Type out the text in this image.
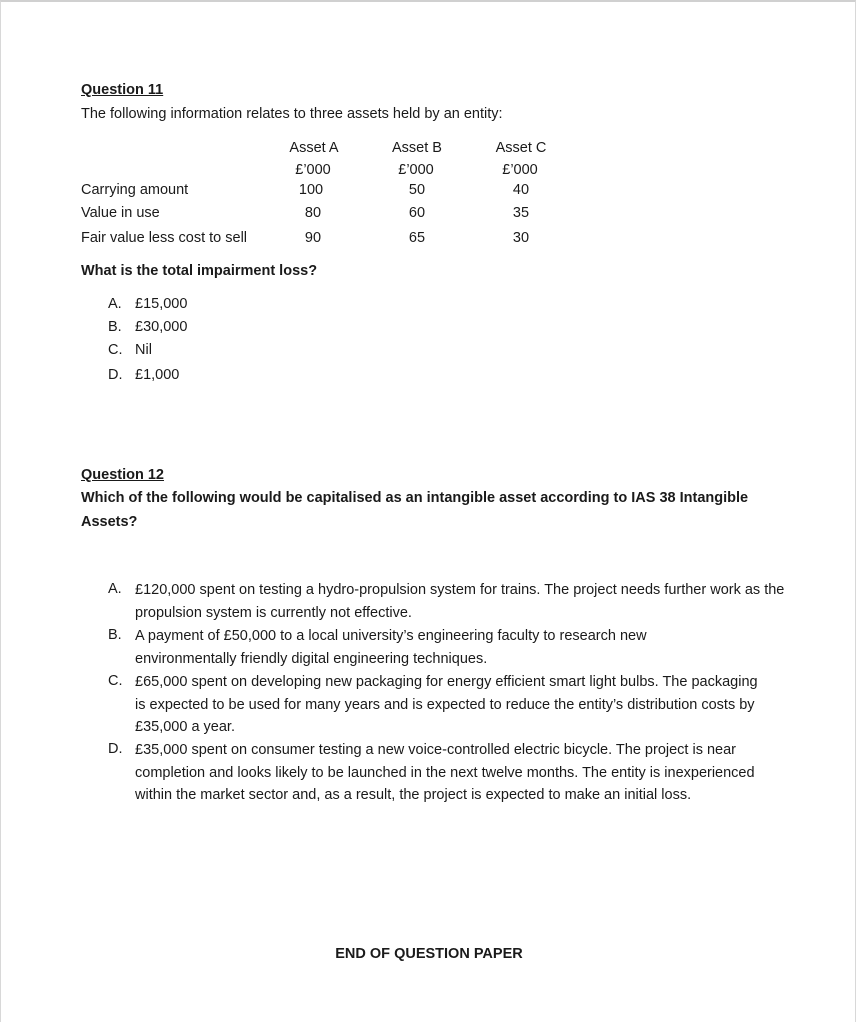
Question 11
The following information relates to three assets held by an entity:
Asset A	Asset B	Asset C
£’000	£’000	£’000
Carrying amount	100	50	40
Value in use	80	60	35
Fair value less cost to sell	90	65	30
What is the total impairment loss?
A. £15,000
B. £30,000
C. Nil
D. £1,000
Question 12
Which of the following would be capitalised as an intangible asset according to IAS 38 Intangible
Assets?
A. £120,000 spent on testing a hydro-propulsion system for trains. The project needs further work as the propulsion system is currently not effective.
B. A payment of £50,000 to a local university’s engineering faculty to research new environmentally friendly digital engineering techniques.
C. £65,000 spent on developing new packaging for energy efficient smart light bulbs. The packaging is expected to be used for many years and is expected to reduce the entity’s distribution costs by £35,000 a year.
D. £35,000 spent on consumer testing a new voice-controlled electric bicycle. The project is near completion and looks likely to be launched in the next twelve months. The entity is inexperienced within the market sector and, as a result, the project is expected to make an initial loss.
END OF QUESTION PAPER
